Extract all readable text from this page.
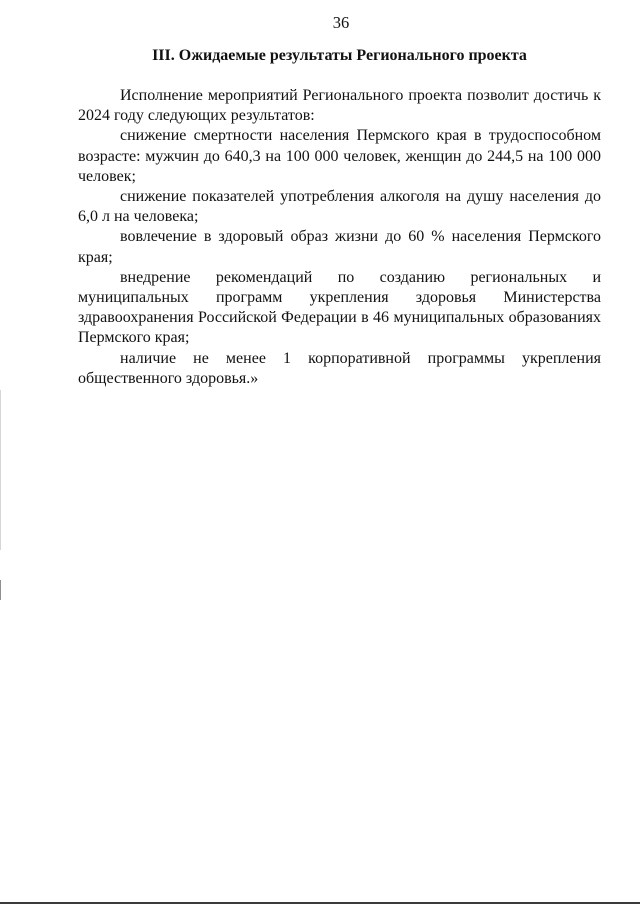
36
III. Ожидаемые результаты Регионального проекта

Исполнение мероприятий Регионального проекта позволит достичь к 2024 году следующих результатов:

снижение смертности населения Пермского края в трудоспособном возрасте: мужчин до 640,3 на 100 000 человек, женщин до 244,5 на 100 000 человек;

снижение показателей употребления алкоголя на душу населения до 6,0 л на человека;

вовлечение в здоровый образ жизни до 60 % населения Пермского края;

внедрение рекомендаций по созданию региональных и муниципальных программ укрепления здоровья Министерства здравоохранения Российской Федерации в 46 муниципальных образованиях Пермского края;

наличие не менее 1 корпоративной программы укрепления общественного здоровья.»
